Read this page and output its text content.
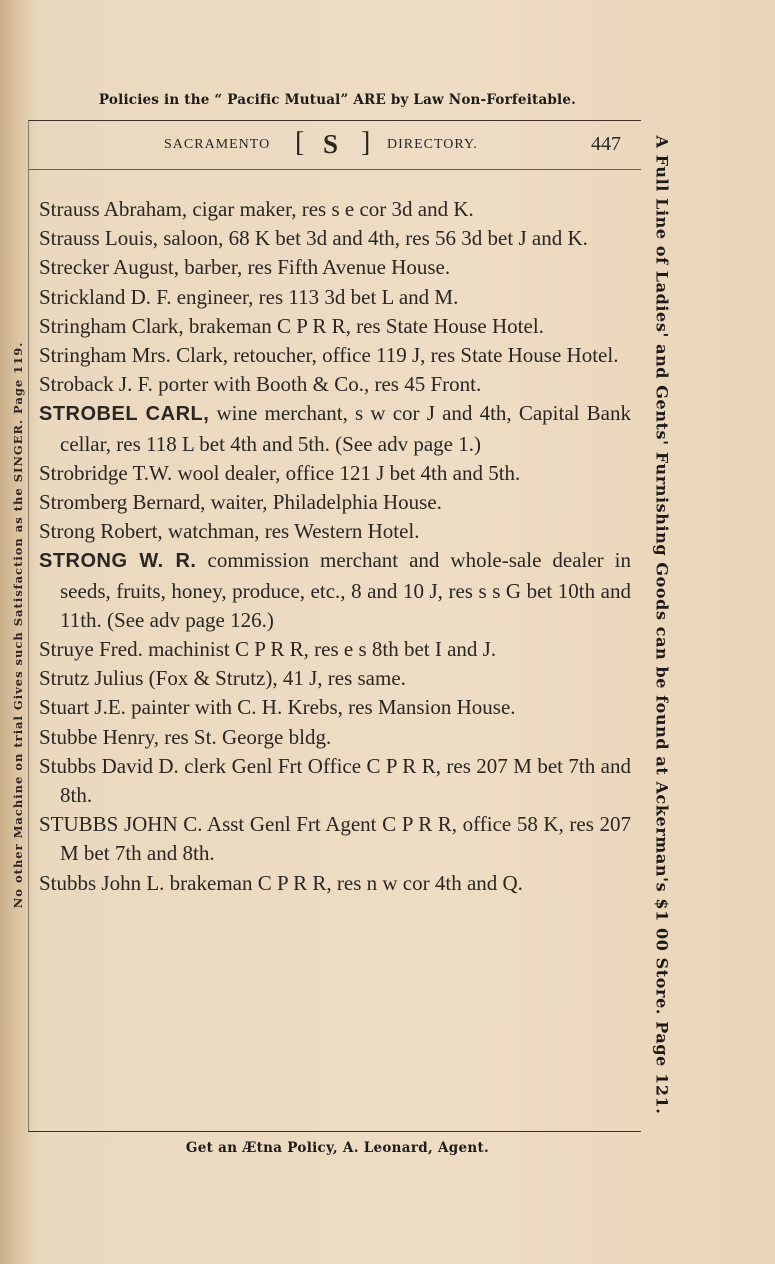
Policies in the “ Pacific Mutual” ARE by Law Non-Forfeitable.
No other Machine on trial Gives such Satisfaction as the SINGER. Page 119.	A Full Line of Ladies' and Gents' Furnishing Goods can be found at Ackerman's $1 00 Store. Page 121.
SACRAMENTO [ S ] DIRECTORY.	447
Strauss Abraham, cigar maker, res s e cor 3d and K.
Strauss Louis, saloon, 68 K bet 3d and 4th, res 56 3d bet J and K.
Strecker August, barber, res Fifth Avenue House.
Strickland D. F. engineer, res 113 3d bet L and M.
Stringham Clark, brakeman C P R R, res State House Hotel.
Stringham Mrs. Clark, retoucher, office 119 J, res State House Hotel.
Stroback J. F. porter with Booth & Co., res 45 Front.
STROBEL CARL, wine merchant, s w cor J and 4th, Capital Bank cellar, res 118 L bet 4th and 5th. (See adv page 1.)
Strobridge T.W. wool dealer, office 121 J bet 4th and 5th.
Stromberg Bernard, waiter, Philadelphia House.
Strong Robert, watchman, res Western Hotel.
STRONG W. R. commission merchant and whole-sale dealer in seeds, fruits, honey, produce, etc., 8 and 10 J, res s s G bet 10th and 11th. (See adv page 126.)
Struye Fred. machinist C P R R, res e s 8th bet I and J.
Strutz Julius (Fox & Strutz), 41 J, res same.
Stuart J.E. painter with C. H. Krebs, res Mansion House.
Stubbe Henry, res St. George bldg.
Stubbs David D. clerk Genl Frt Office C P R R, res 207 M bet 7th and 8th.
STUBBS JOHN C. Asst Genl Frt Agent C P R R, office 58 K, res 207 M bet 7th and 8th.
Stubbs John L. brakeman C P R R, res n w cor 4th and Q.
Get an Ætna Policy, A. Leonard, Agent.
